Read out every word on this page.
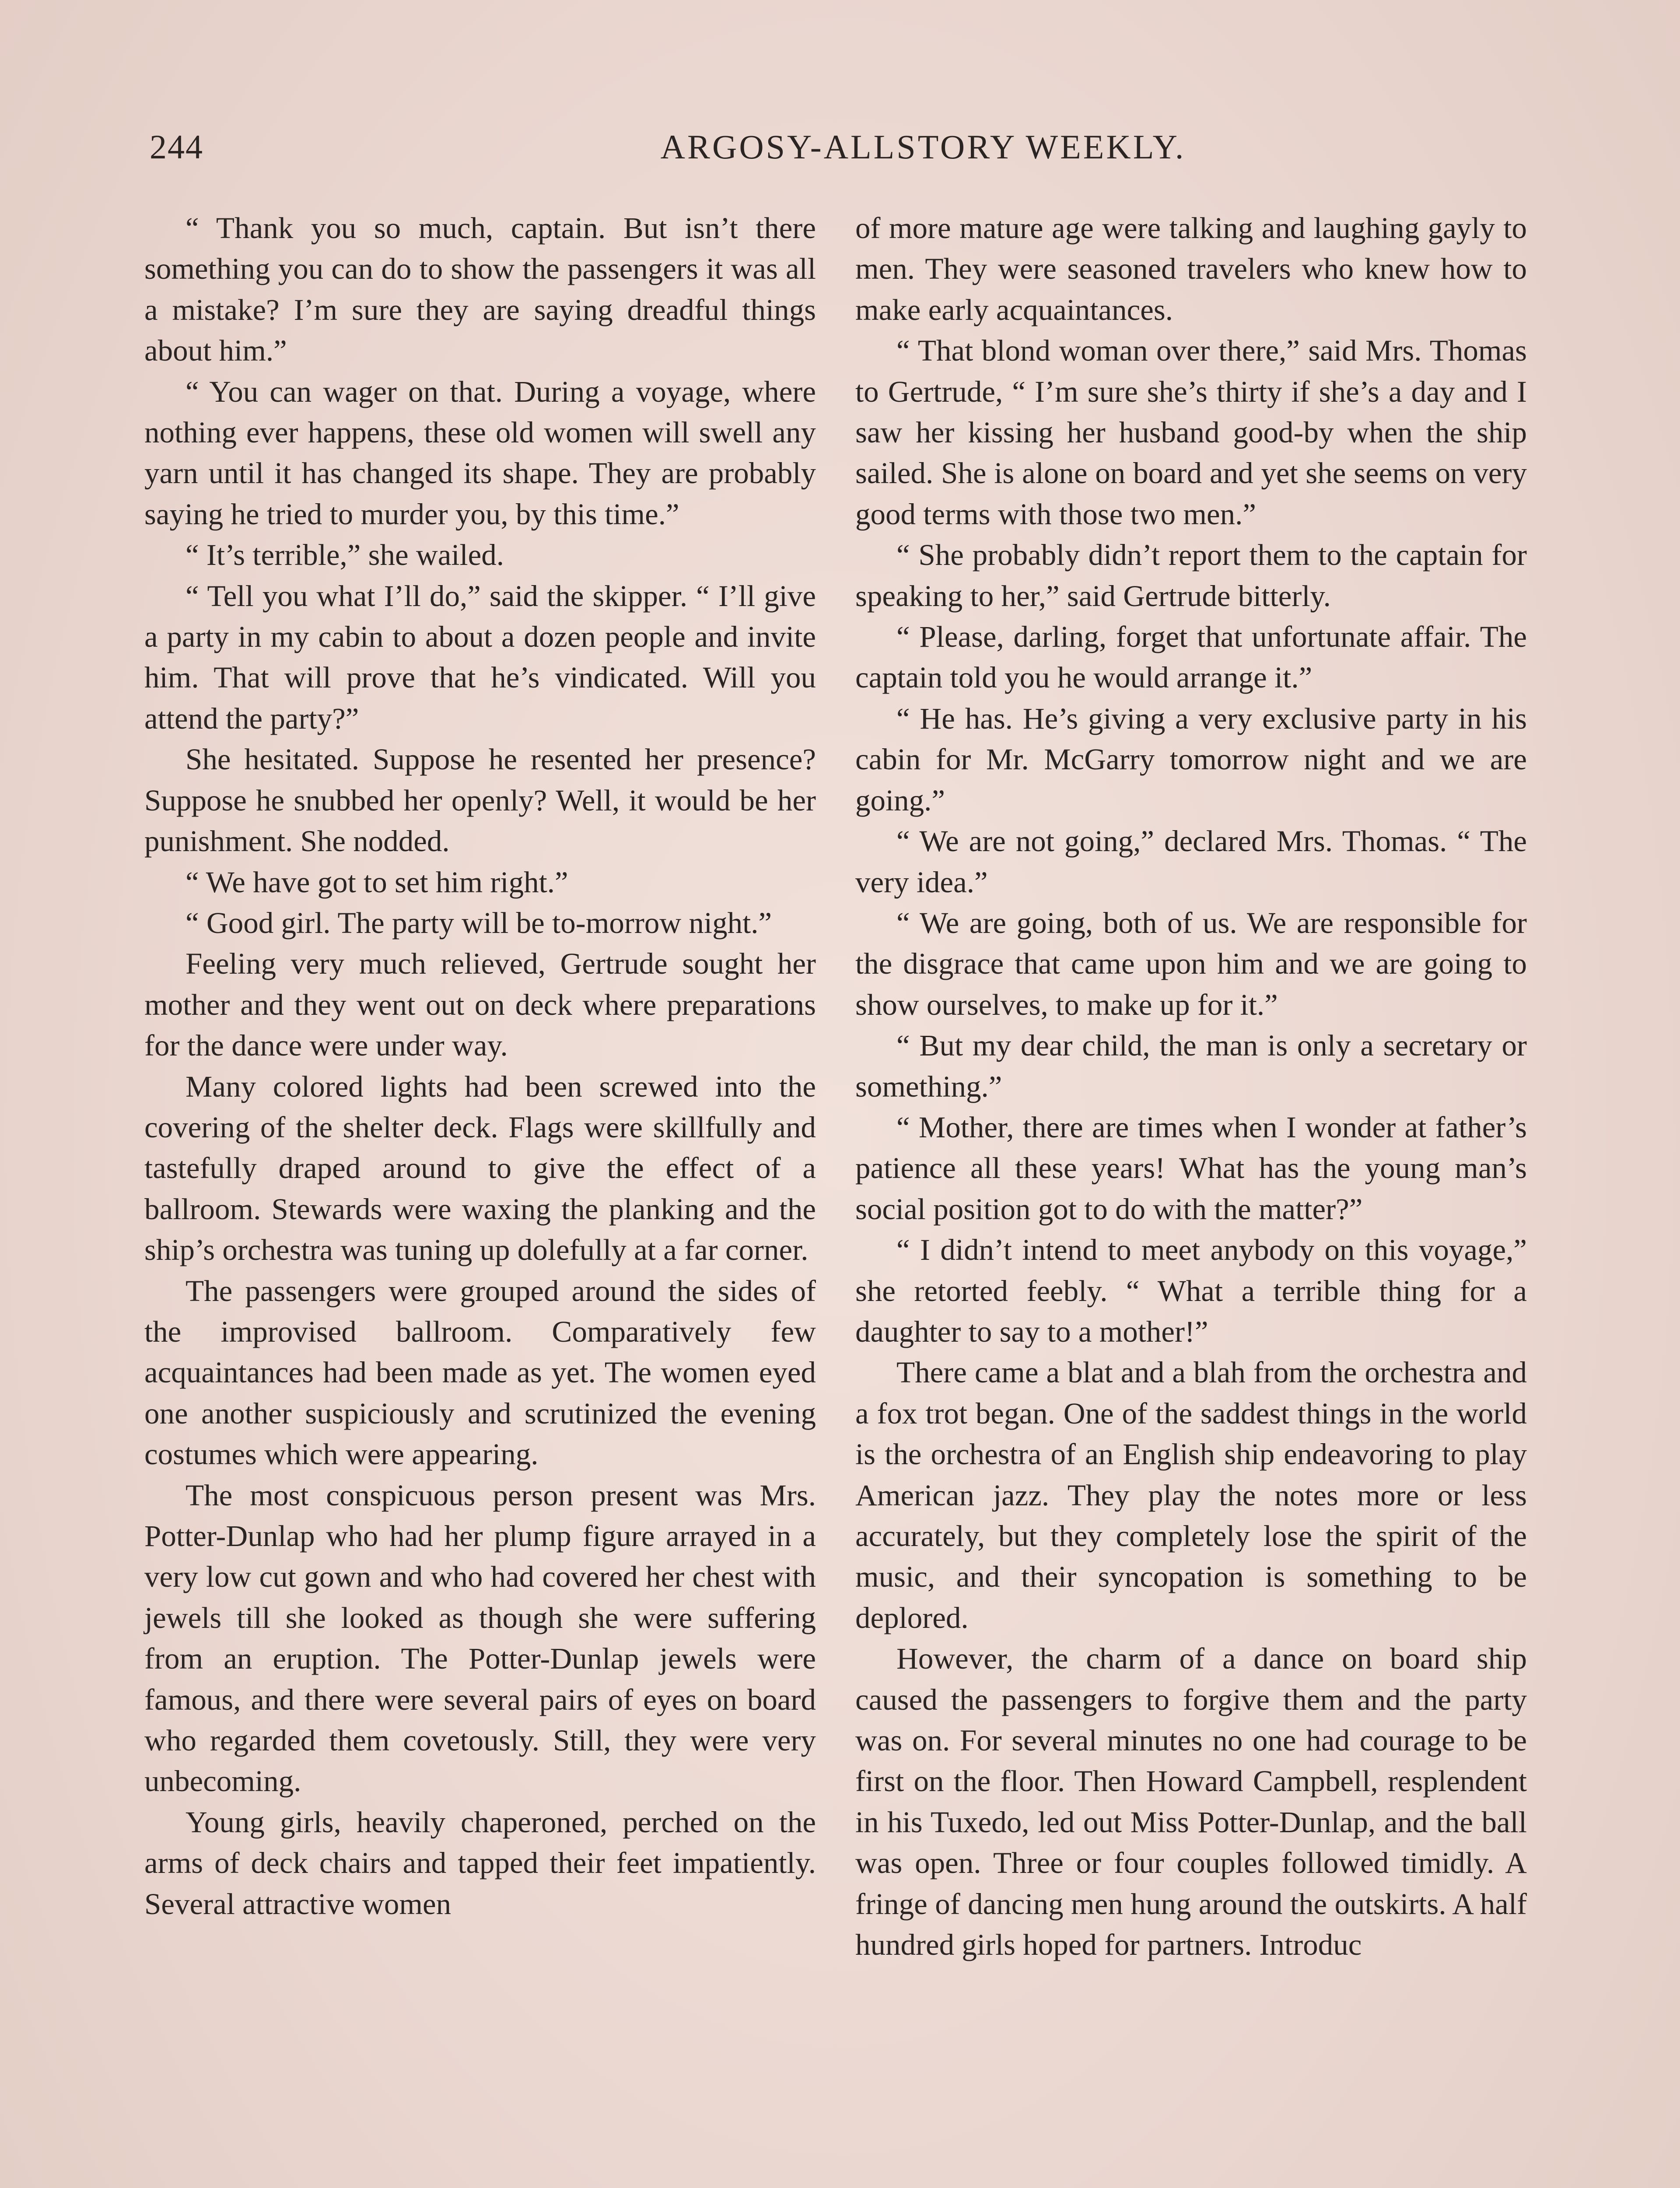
244	ARGOSY-ALLSTORY WEEKLY.

“ Thank you so much, captain. But isn’t there something you can do to show the passengers it was all a mistake? I’m sure they are saying dreadful things about him.”

“ You can wager on that. During a voyage, where nothing ever happens, these old women will swell any yarn until it has changed its shape. They are probably saying he tried to murder you, by this time.”

“ It’s terrible,” she wailed.

“ Tell you what I’ll do,” said the skipper. “ I’ll give a party in my cabin to about a dozen people and invite him. That will prove that he’s vindicated. Will you attend the party?”

She hesitated. Suppose he resented her presence? Suppose he snubbed her openly? Well, it would be her punishment. She nodded.

“ We have got to set him right.”

“ Good girl. The party will be to-morrow night.”

Feeling very much relieved, Gertrude sought her mother and they went out on deck where preparations for the dance were under way.

Many colored lights had been screwed into the covering of the shelter deck. Flags were skillfully and tastefully draped around to give the effect of a ballroom. Stewards were waxing the planking and the ship’s orchestra was tuning up dolefully at a far corner.

The passengers were grouped around the sides of the improvised ballroom. Comparatively few acquaintances had been made as yet. The women eyed one another suspiciously and scrutinized the evening costumes which were appearing.

The most conspicuous person present was Mrs. Potter-Dunlap who had her plump figure arrayed in a very low cut gown and who had covered her chest with jewels till she looked as though she were suffering from an eruption. The Potter-Dunlap jewels were famous, and there were several pairs of eyes on board who regarded them covetously. Still, they were very unbecoming.

Young girls, heavily chaperoned, perched on the arms of deck chairs and tapped their feet impatiently. Several attractive women

of more mature age were talking and laughing gayly to men. They were seasoned travelers who knew how to make early acquaintances.

“ That blond woman over there,” said Mrs. Thomas to Gertrude, “ I’m sure she’s thirty if she’s a day and I saw her kissing her husband good-by when the ship sailed. She is alone on board and yet she seems on very good terms with those two men.”

“ She probably didn’t report them to the captain for speaking to her,” said Gertrude bitterly.

“ Please, darling, forget that unfortunate affair. The captain told you he would arrange it.”

“ He has. He’s giving a very exclusive party in his cabin for Mr. McGarry tomorrow night and we are going.”

“ We are not going,” declared Mrs. Thomas. “ The very idea.”

“ We are going, both of us. We are responsible for the disgrace that came upon him and we are going to show ourselves, to make up for it.”

“ But my dear child, the man is only a secretary or something.”

“ Mother, there are times when I wonder at father’s patience all these years! What has the young man’s social position got to do with the matter?”

“ I didn’t intend to meet anybody on this voyage,” she retorted feebly. “ What a terrible thing for a daughter to say to a mother!”

There came a blat and a blah from the orchestra and a fox trot began. One of the saddest things in the world is the orchestra of an English ship endeavoring to play American jazz. They play the notes more or less accurately, but they completely lose the spirit of the music, and their syncopation is something to be deplored.

However, the charm of a dance on board ship caused the passengers to forgive them and the party was on. For several minutes no one had courage to be first on the floor. Then Howard Campbell, resplendent in his Tuxedo, led out Miss Potter-Dunlap, and the ball was open. Three or four couples followed timidly. A fringe of dancing men hung around the outskirts. A half hundred girls hoped for partners. Introduc
